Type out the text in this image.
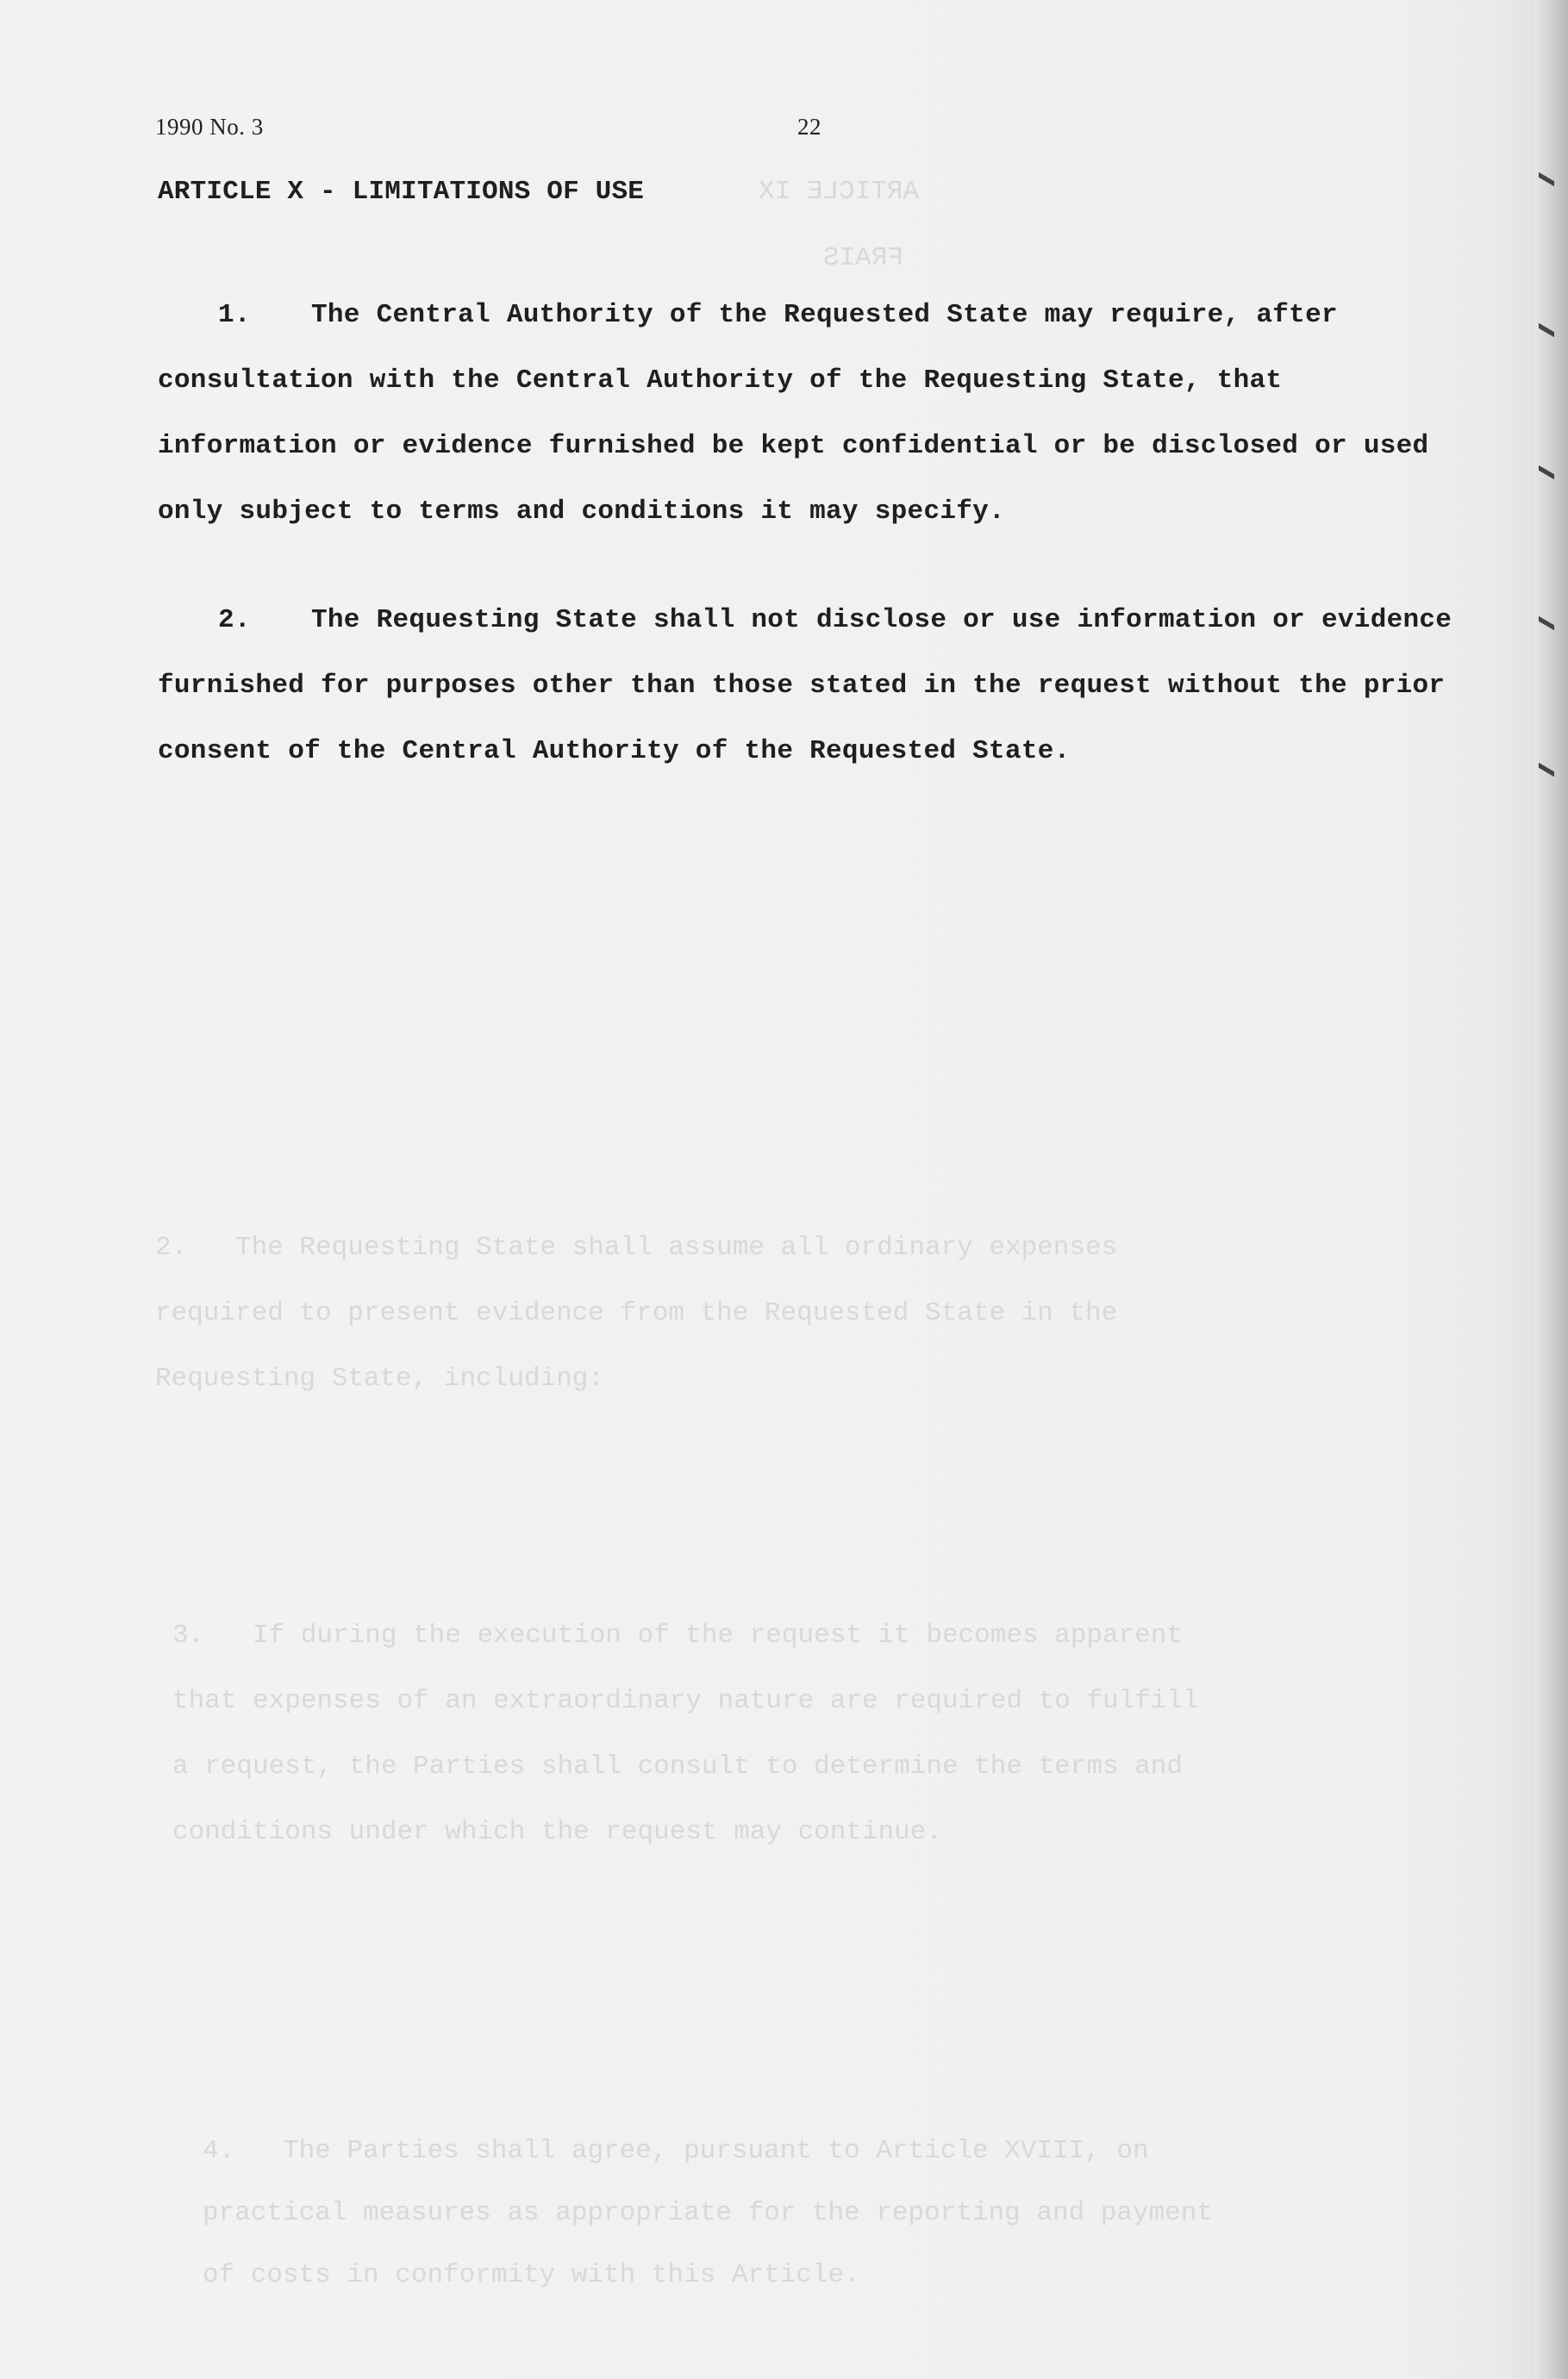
ARTICLE IX
FRAIS
2.   The Requesting State shall assume all ordinary expenses
required to present evidence from the Requested State in the
Requesting State, including:
3.   If during the execution of the request it becomes apparent
that expenses of an extraordinary nature are required to fulfill
a request, the Parties shall consult to determine the terms and
conditions under which the request may continue.
4.   The Parties shall agree, pursuant to Article XVIII, on
practical measures as appropriate for the reporting and payment
of costs in conformity with this Article.
1990 No. 3	22
ARTICLE X - LIMITATIONS OF USE

1. The Central Authority of the Requested State may require, after consultation with the Central Authority of the Requesting State, that information or evidence furnished be kept confidential or be disclosed or used only subject to terms and conditions it may specify.

2. The Requesting State shall not disclose or use information or evidence furnished for purposes other than those stated in the request without the prior consent of the Central Authority of the Requested State.
